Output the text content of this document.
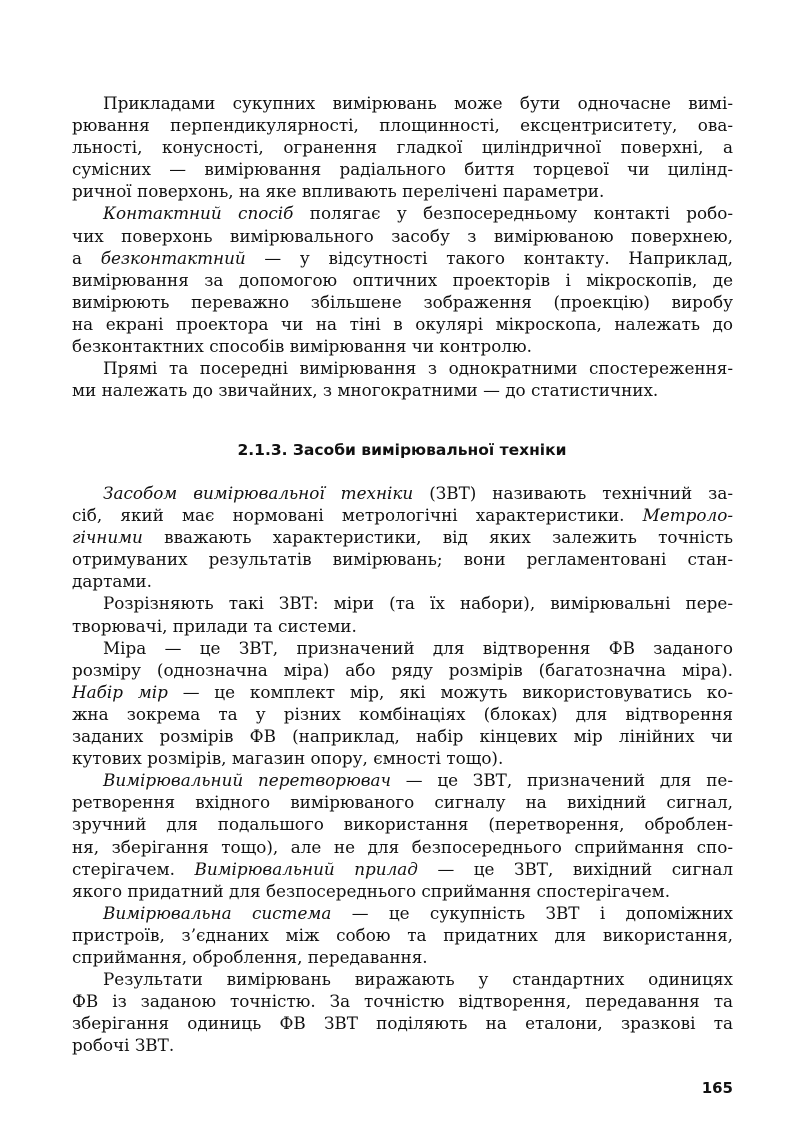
Прикладами сукупних вимірювань може бути одночасне вимі-
рювання перпендикулярності, площинності, ексцентриситету, ова-
льності, конусності, огранення гладкої циліндричної поверхні, а
сумісних — вимірювання радіального биття торцевої чи цилінд-
ричної поверхонь, на яке впливають перелічені параметри.
Контактний спосіб полягає у безпосередньому контакті робо-
чих поверхонь вимірювального засобу з вимірюваною поверхнею,
а безконтактний — у відсутності такого контакту. Наприклад,
вимірювання за допомогою оптичних проекторів і мікроскопів, де
вимірюють переважно збільшене зображення (проекцію) виробу
на екрані проектора чи на тіні в окулярі мікроскопа, належать до
безконтактних способів вимірювання чи контролю.
Прямі та посередні вимірювання з однократними спостереження-
ми належать до звичайних, з многократними — до статистичних.
2.1.3. Засоби вимірювальної техніки
Засобом вимірювальної техніки (ЗВТ) називають технічний за-
сіб, який має нормовані метрологічні характеристики. Метроло-
гічними вважають характеристики, від яких залежить точність
отримуваних результатів вимірювань; вони регламентовані стан-
дартами.
Розрізняють такі ЗВТ: міри (та їх набори), вимірювальні пере-
творювачі, прилади та системи.
Міра — це ЗВТ, призначений для відтворення ФВ заданого
розміру (однозначна міра) або ряду розмірів (багатозначна міра).
Набір мір — це комплект мір, які можуть використовуватись ко-
жна зокрема та у різних комбінаціях (блоках) для відтворення
заданих розмірів ФВ (наприклад, набір кінцевих мір лінійних чи
кутових розмірів, магазин опору, ємності тощо).
Вимірювальний перетворювач — це ЗВТ, призначений для пе-
ретворення вхідного вимірюваного сигналу на вихідний сигнал,
зручний для подальшого використання (перетворення, оброблен-
ня, зберігання тощо), але не для безпосереднього сприймання спо-
стерігачем. Вимірювальний прилад — це ЗВТ, вихідний сигнал
якого придатний для безпосереднього сприймання спостерігачем.
Вимірювальна система — це сукупність ЗВТ і допоміжних
пристроїв, з’єднаних між собою та придатних для використання,
сприймання, оброблення, передавання.
Результати вимірювань виражають у стандартних одиницях
ФВ із заданою точністю. За точністю відтворення, передавання та
зберігання одиниць ФВ ЗВТ поділяють на еталони, зразкові та
робочі ЗВТ.
165
